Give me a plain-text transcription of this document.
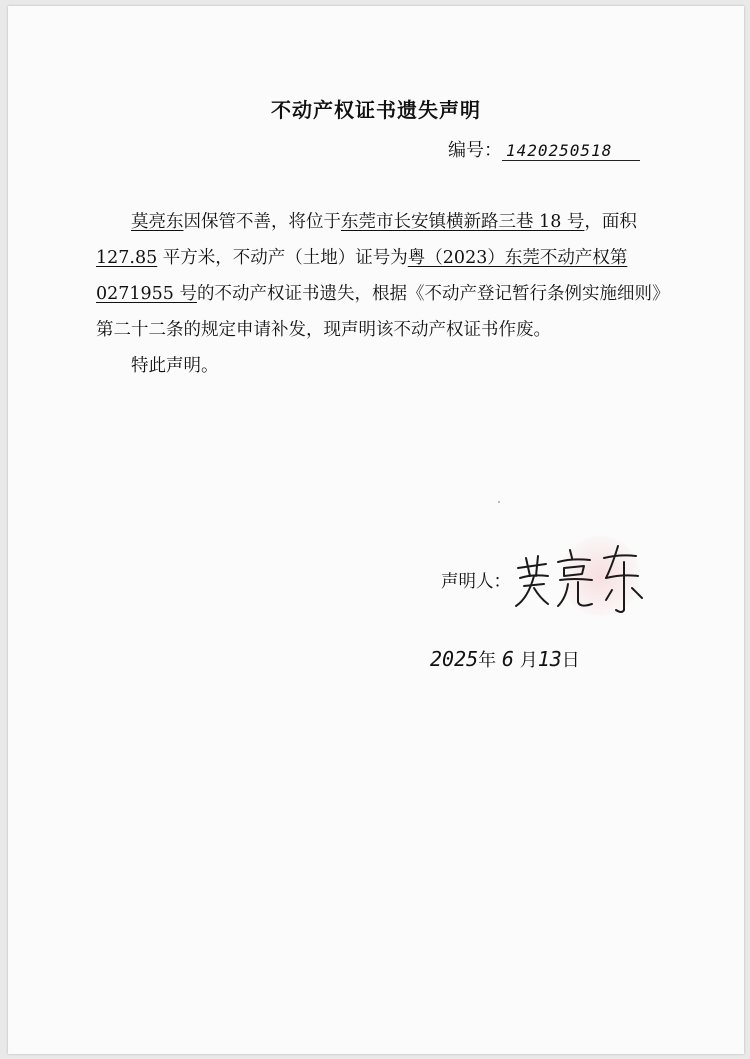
不动产权证书遗失声明
编号： 1420250518

莫亮东因保管不善，将位于东莞市长安镇横新路三巷 18 号，面积 127.85 平方米，不动产（土地）证号为粤（2023）东莞不动产权第 0271955 号的不动产权证书遗失，根据《不动产登记暂行条例实施细则》第二十二条的规定申请补发，现声明该不动产权证书作废。

特此声明。

声明人：
2025年 6 月13日
